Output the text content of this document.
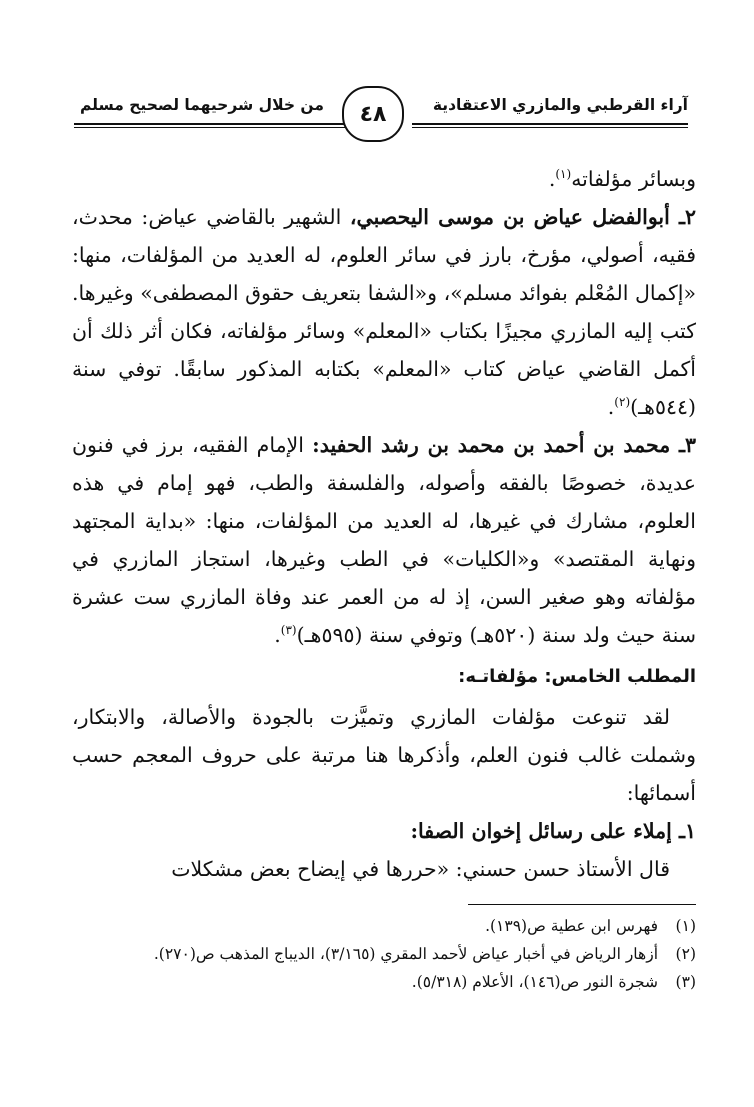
آراء القرطبي والمازري الاعتقادية
من خلال شرحيهما لصحيح مسلم ٤٨

وبسائر مؤلفاته$^{(١)}$.

٢ـ أبوالفضل عياض بن موسى اليحصبي، الشهير بالقاضي عياض: محدث، فقيه، أصولي، مؤرخ، بارز في سائر العلوم، له العديد من المؤلفات، منها: «إكمال المُعْلم بفوائد مسلم»، و«الشفا بتعريف حقوق المصطفى» وغيرها. كتب إليه المازري مجيزًا بكتاب «المعلم» وسائر مؤلفاته، فكان أثر ذلك أن أكمل القاضي عياض كتاب «المعلم» بكتابه المذكور سابقًا. توفي سنة (٥٤٤هـ)$^{(٢)}$.

٣ـ محمد بن أحمد بن محمد بن رشد الحفيد: الإمام الفقيه، برز في فنون عديدة، خصوصًا بالفقه وأصوله، والفلسفة والطب، فهو إمام في هذه العلوم، مشارك في غيرها، له العديد من المؤلفات، منها: «بداية المجتهد ونهاية المقتصد» و«الكليات» في الطب وغيرها، استجاز المازري في مؤلفاته وهو صغير السن، إذ له من العمر عند وفاة المازري ست عشرة سنة حيث ولد سنة (٥٢٠هـ) وتوفي سنة (٥٩٥هـ)$^{(٣)}$.

المطلب الخامس: مؤلفاتـه:

لقد تنوعت مؤلفات المازري وتميَّزت بالجودة والأصالة، والابتكار، وشملت غالب فنون العلم، وأذكرها هنا مرتبة على حروف المعجم حسب أسمائها:

١ـ إملاء على رسائل إخوان الصفا:

قال الأستاذ حسن حسني: «حررها في إيضاح بعض مشكلات

(١)
فهرس ابن عطية ص(١٣٩).
(٢)
أزهار الرياض في أخبار عياض لأحمد المقري (٣/١٦٥)، الديباج المذهب ص(٢٧٠).
(٣)
شجرة النور ص(١٤٦)، الأعلام (٥/٣١٨).
